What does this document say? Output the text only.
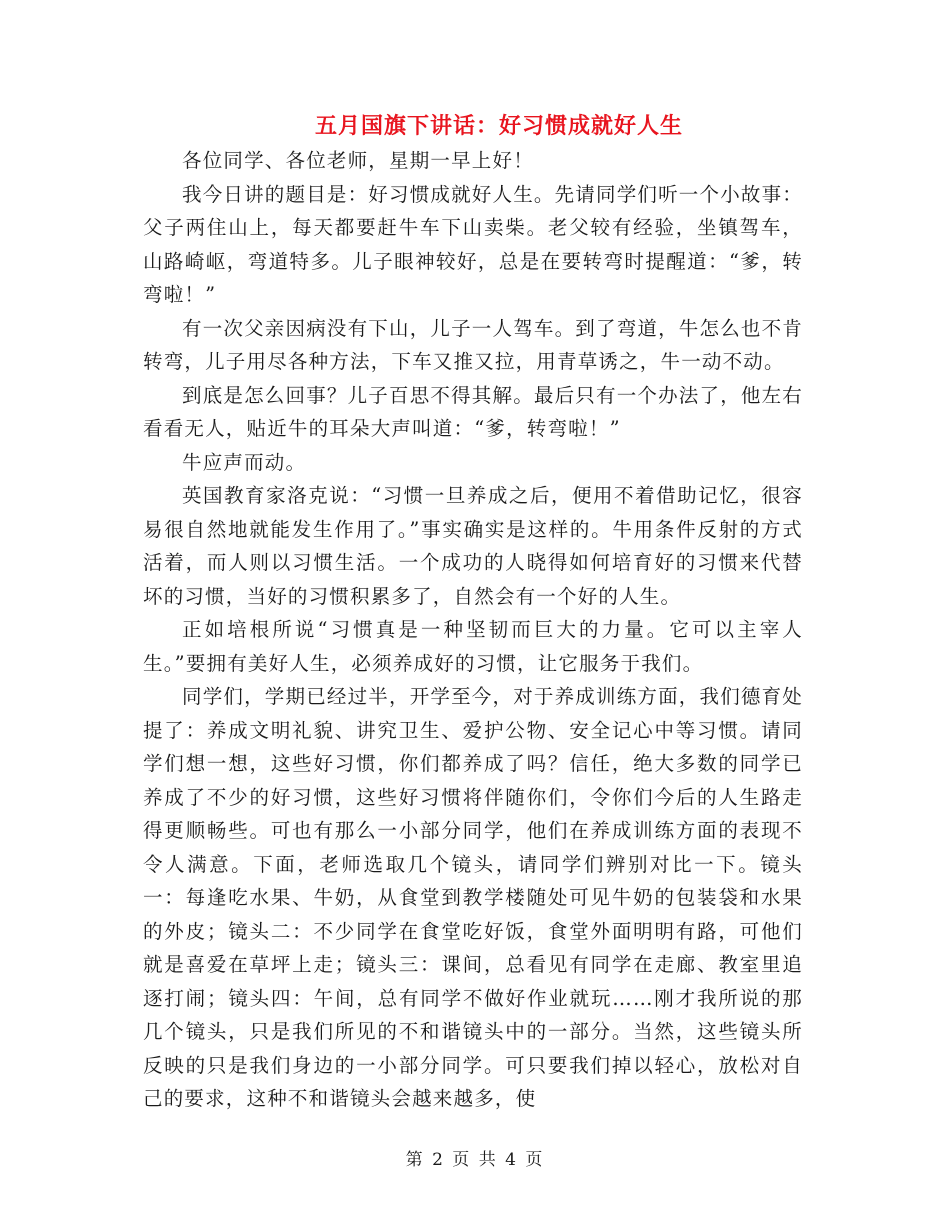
五月国旗下讲话：好习惯成就好人生

各位同学、各位老师，星期一早上好！

我今日讲的题目是：好习惯成就好人生。先请同学们听一个小故事：父子两住山上，每天都要赶牛车下山卖柴。老父较有经验，坐镇驾车，山路崎岖，弯道特多。儿子眼神较好，总是在要转弯时提醒道：“爹，转弯啦！”

有一次父亲因病没有下山，儿子一人驾车。到了弯道，牛怎么也不肯转弯，儿子用尽各种方法，下车又推又拉，用青草诱之，牛一动不动。

到底是怎么回事？儿子百思不得其解。最后只有一个办法了，他左右看看无人，贴近牛的耳朵大声叫道：“爹，转弯啦！”

牛应声而动。

英国教育家洛克说：“习惯一旦养成之后，便用不着借助记忆，很容易很自然地就能发生作用了。”事实确实是这样的。牛用条件反射的方式活着，而人则以习惯生活。一个成功的人晓得如何培育好的习惯来代替坏的习惯，当好的习惯积累多了，自然会有一个好的人生。

正如培根所说“习惯真是一种坚韧而巨大的力量。它可以主宰人生。”要拥有美好人生，必须养成好的习惯，让它服务于我们。

同学们，学期已经过半，开学至今，对于养成训练方面，我们德育处提了：养成文明礼貌、讲究卫生、爱护公物、安全记心中等习惯。请同学们想一想，这些好习惯，你们都养成了吗？信任，绝大多数的同学已养成了不少的好习惯，这些好习惯将伴随你们，令你们今后的人生路走得更顺畅些。可也有那么一小部分同学，他们在养成训练方面的表现不令人满意。下面，老师选取几个镜头，请同学们辨别对比一下。镜头一：每逢吃水果、牛奶，从食堂到教学楼随处可见牛奶的包装袋和水果的外皮；镜头二：不少同学在食堂吃好饭，食堂外面明明有路，可他们就是喜爱在草坪上走；镜头三：课间，总看见有同学在走廊、教室里追逐打闹；镜头四：午间，总有同学不做好作业就玩……刚才我所说的那几个镜头，只是我们所见的不和谐镜头中的一部分。当然，这些镜头所反映的只是我们身边的一小部分同学。可只要我们掉以轻心，放松对自己的要求，这种不和谐镜头会越来越多，使

第 2 页 共 4 页
